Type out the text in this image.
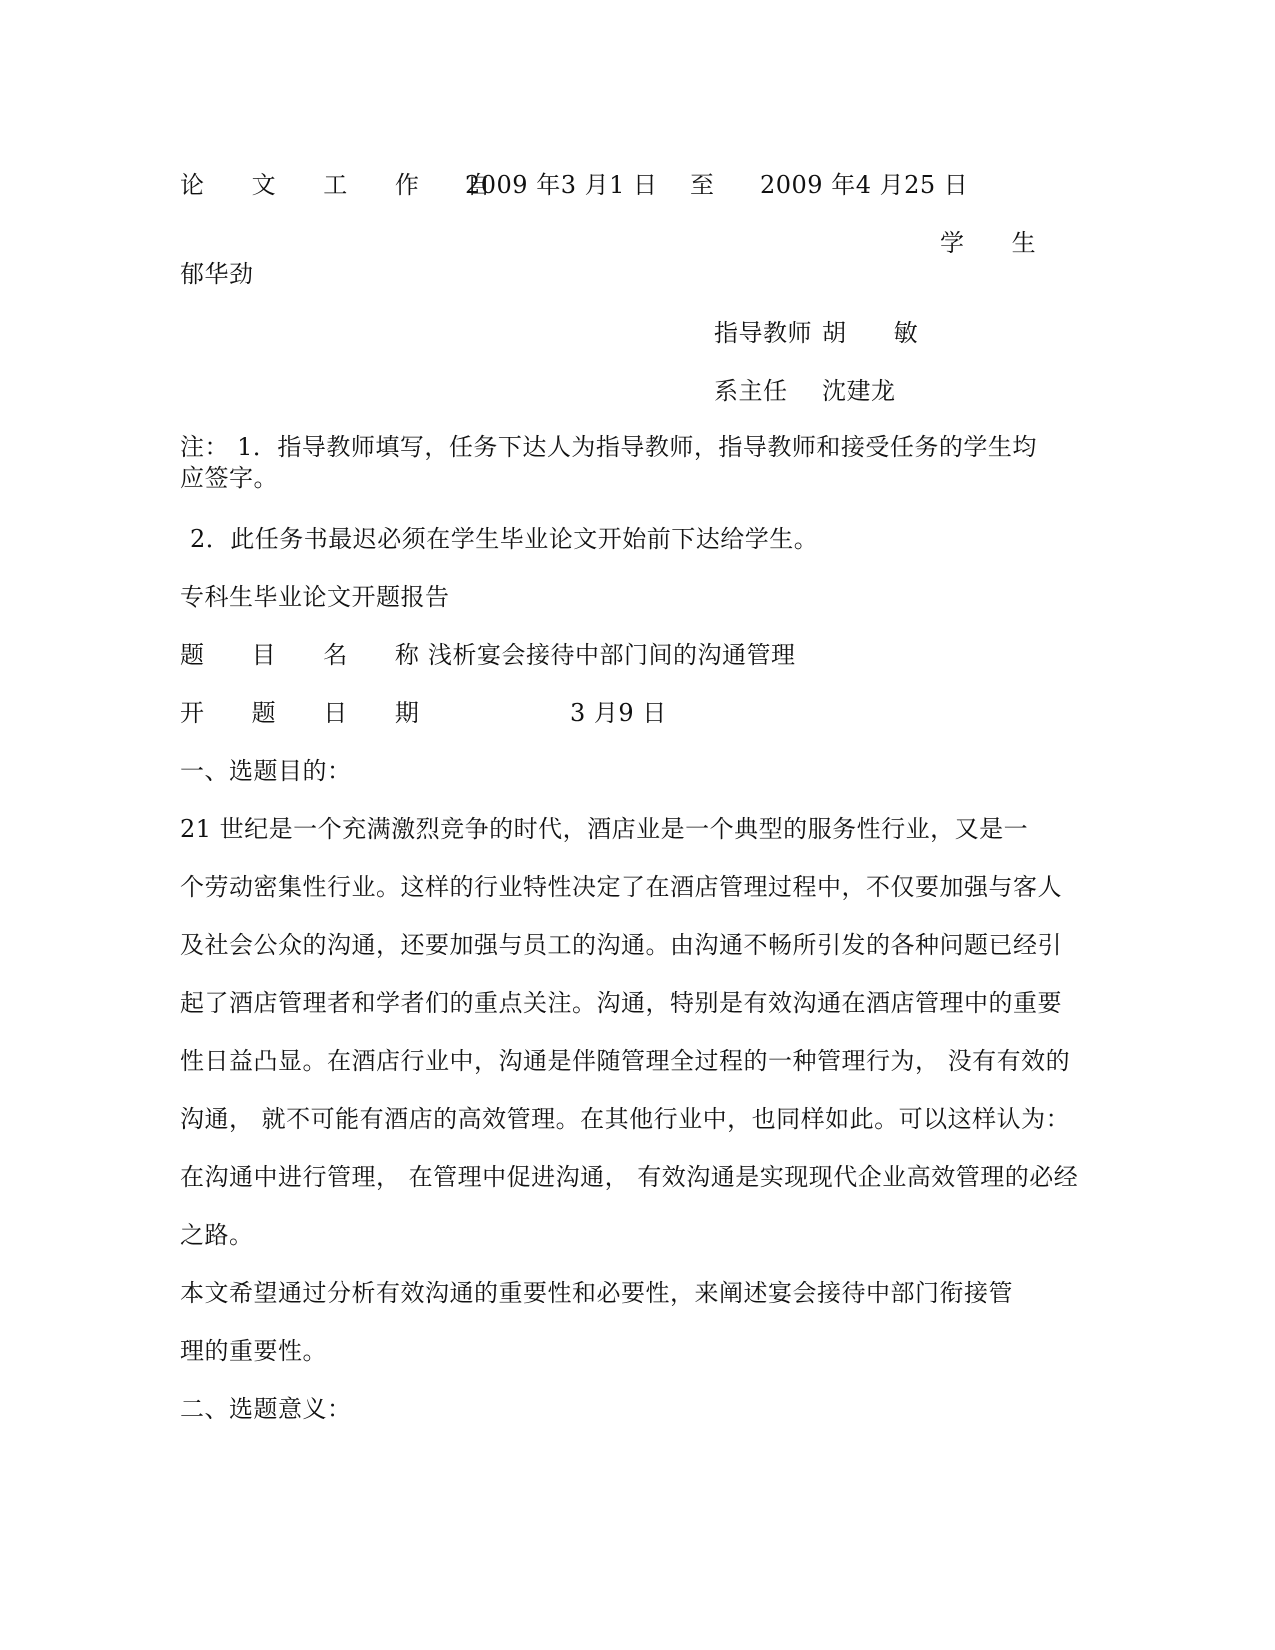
论 文 工 作 自
2009 年3 月1 日 至 2009 年4 月25 日
学 生
郁华劲
指导教师 胡 敏
系主任 沈建龙
注： 1．指导教师填写，任务下达人为指导教师，指导教师和接受任务的学生均应签字。
2．此任务书最迟必须在学生毕业论文开始前下达给学生。
专科生毕业论文开题报告
题 目 名 称
浅析宴会接待中部门间的沟通管理
开 题 日 期	3 月9 日
一、选题目的：
21 世纪是一个充满激烈竞争的时代，酒店业是一个典型的服务性行业，又是一
个劳动密集性行业。这样的行业特性决定了在酒店管理过程中，不仅要加强与客人
及社会公众的沟通，还要加强与员工的沟通。由沟通不畅所引发的各种问题已经引
起了酒店管理者和学者们的重点关注。沟通，特别是有效沟通在酒店管理中的重要
性日益凸显。在酒店行业中，沟通是伴随管理全过程的一种管理行为， 没有有效的
沟通， 就不可能有酒店的高效管理。在其他行业中，也同样如此。可以这样认为：
在沟通中进行管理， 在管理中促进沟通， 有效沟通是实现现代企业高效管理的必经
之路。
本文希望通过分析有效沟通的重要性和必要性，来阐述宴会接待中部门衔接管
理的重要性。
二、选题意义：
